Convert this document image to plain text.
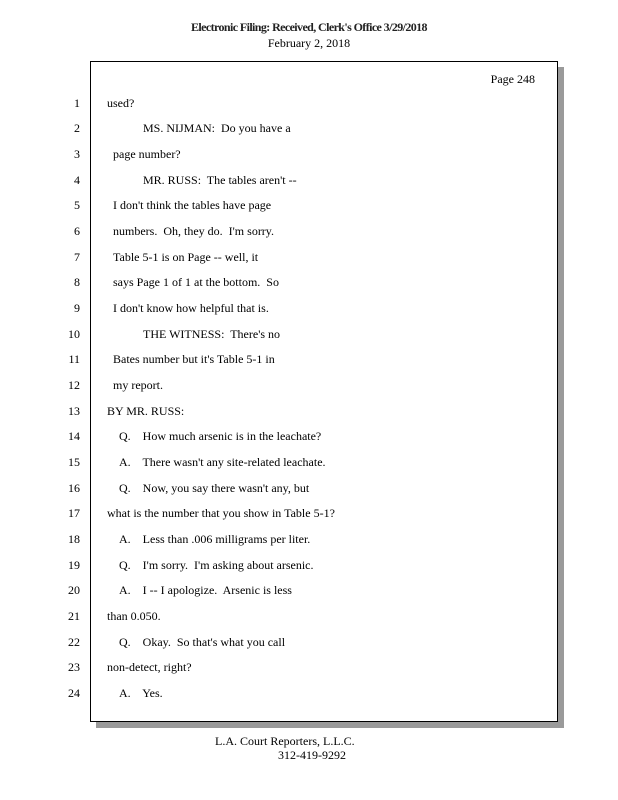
Electronic Filing: Received, Clerk's Office 3/29/2018
February 2, 2018
Page 248
1 used?
2	MS. NIJMAN:  Do you have a
3	page number?
4	MR. RUSS:  The tables aren't --
5	I don't think the tables have page
6	numbers.  Oh, they do.  I'm sorry.
7	Table 5-1 is on Page -- well, it
8	says Page 1 of 1 at the bottom.  So
9	I don't know how helpful that is.
10	THE WITNESS:  There's no
11	Bates number but it's Table 5-1 in
12	my report.
13 BY MR. RUSS:
14	Q.    How much arsenic is in the leachate?
15	A.    There wasn't any site-related leachate.
16	Q.    Now, you say there wasn't any, but
17 what is the number that you show in Table 5-1?
18	A.    Less than .006 milligrams per liter.
19	Q.    I'm sorry.  I'm asking about arsenic.
20	A.    I -- I apologize.  Arsenic is less
21 than 0.050.
22	Q.    Okay.  So that's what you call
23 non-detect, right?
24	A.    Yes.
L.A. Court Reporters, L.L.C.
312-419-9292
